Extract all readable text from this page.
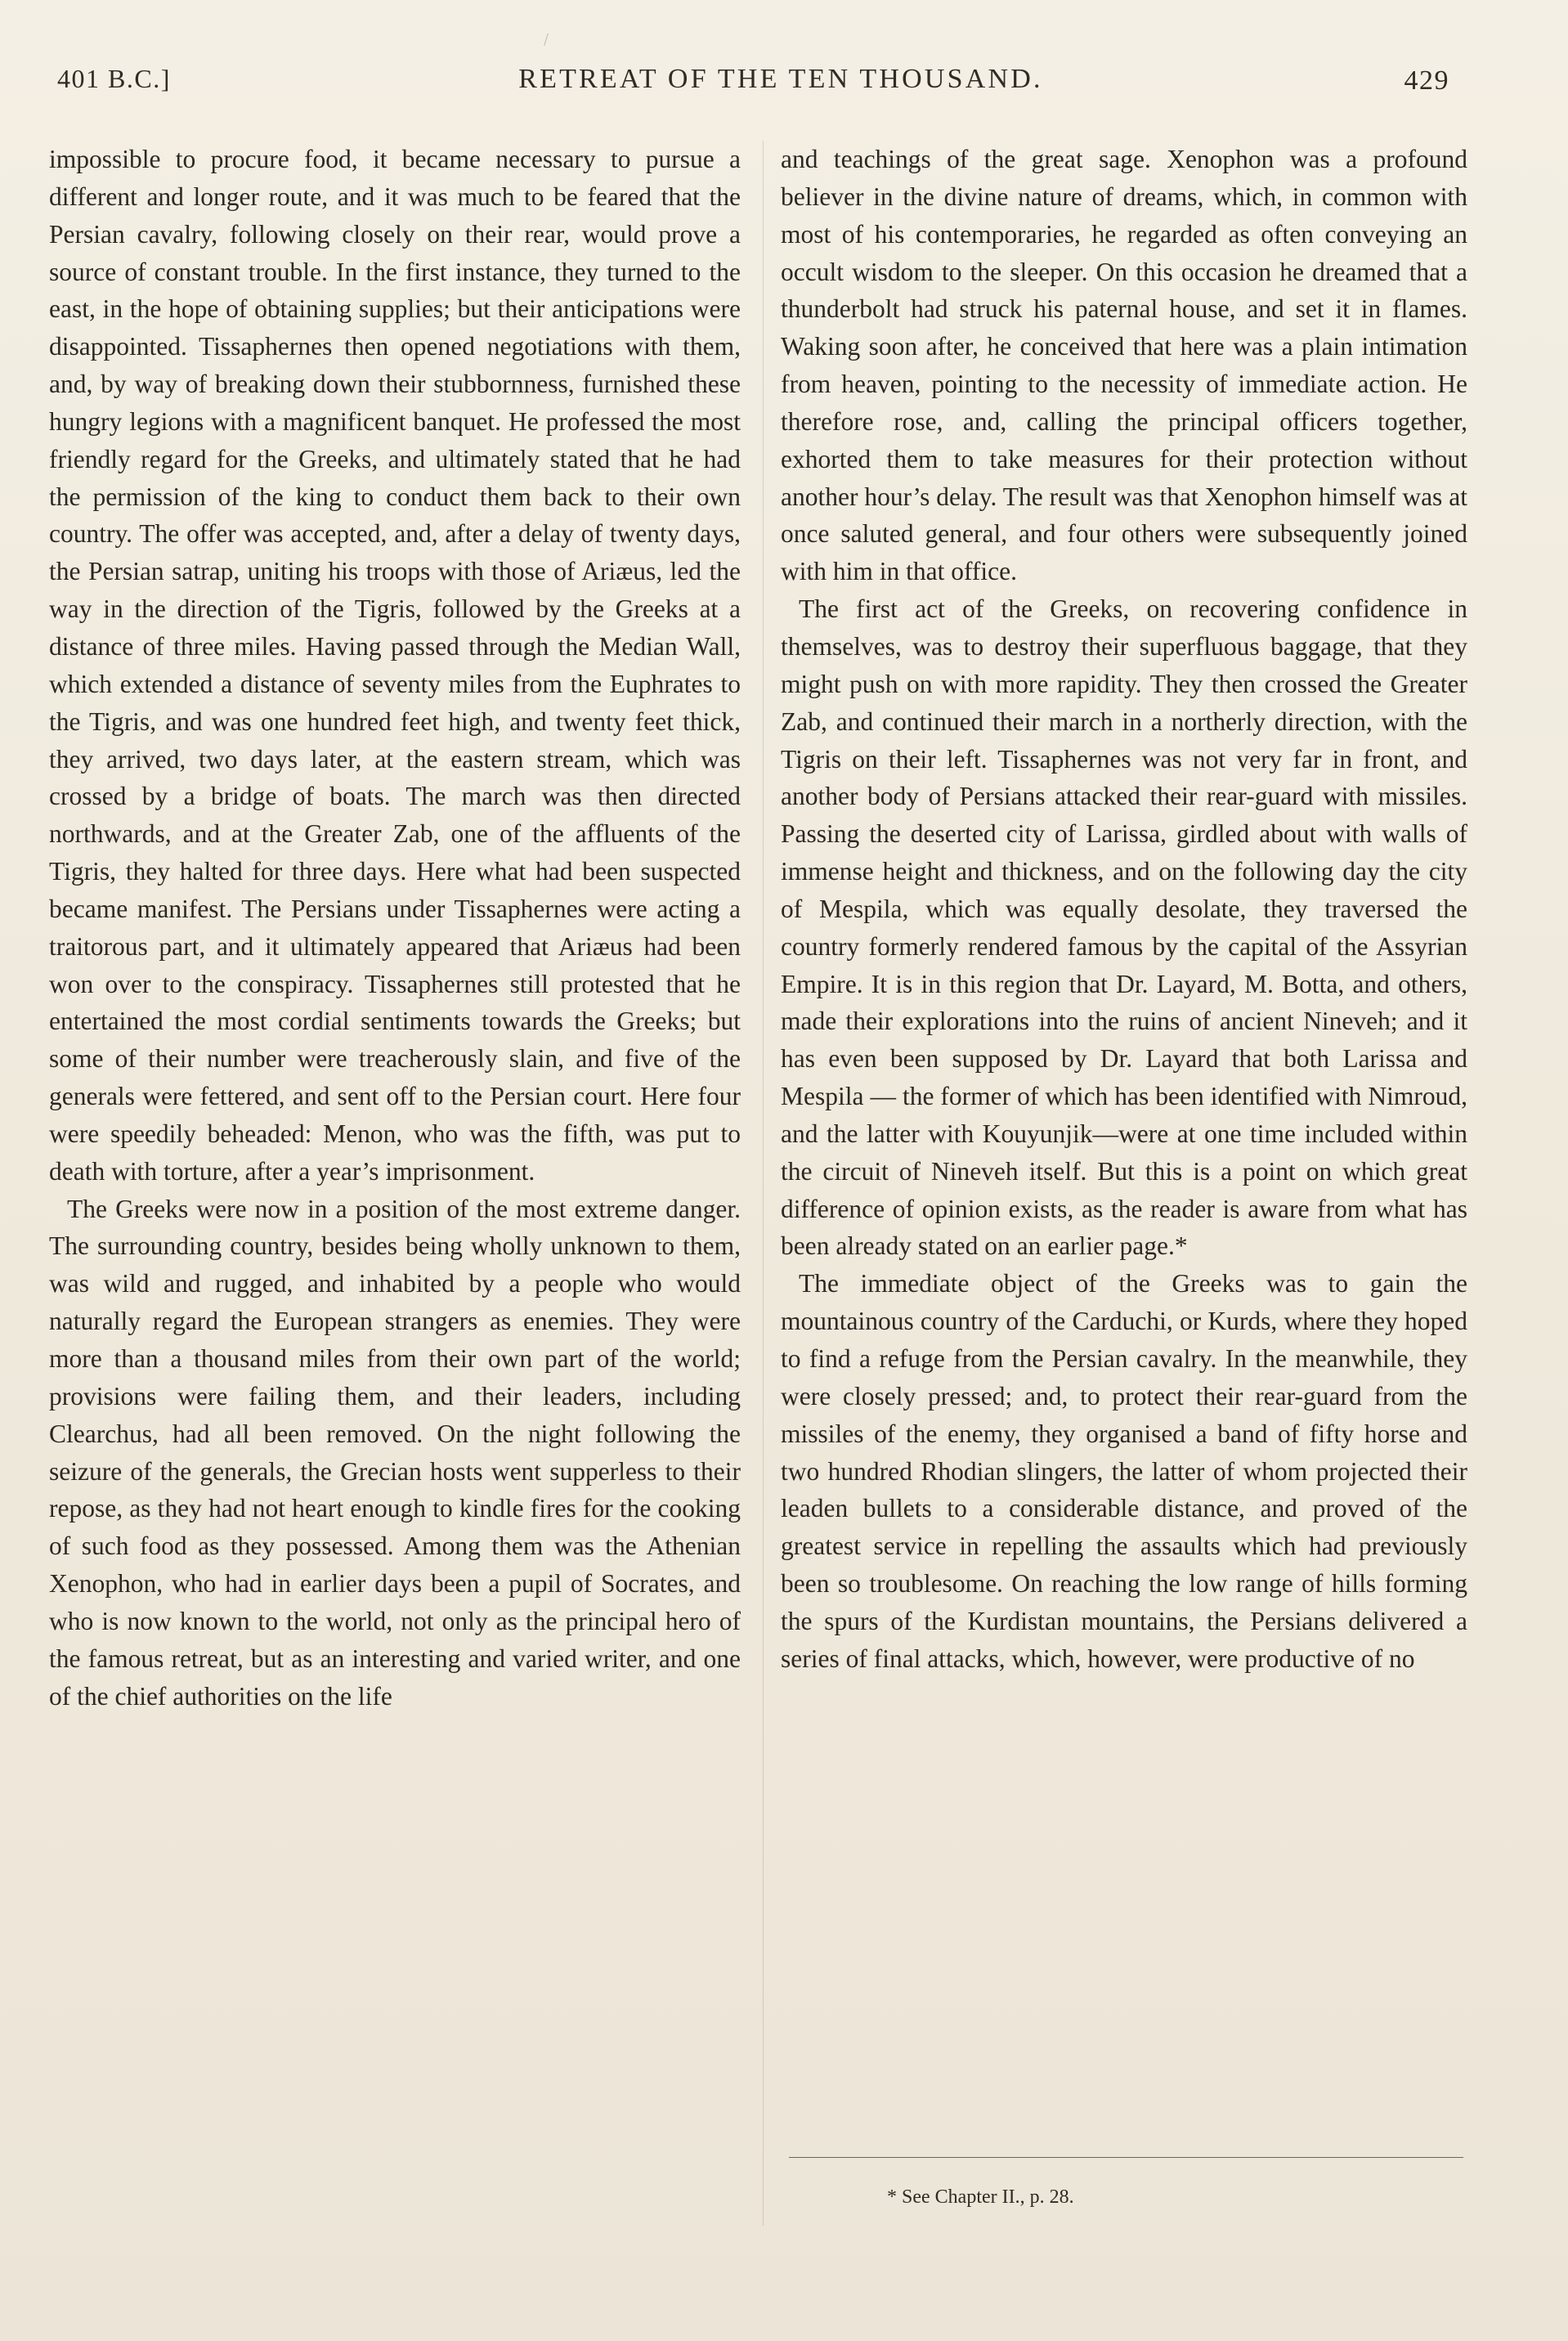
/
401 B.C.]	RETREAT OF THE TEN THOUSAND.	429

impossible to procure food, it became necessary to pursue a different and longer route, and it was much to be feared that the Persian cavalry, following closely on their rear, would prove a source of constant trouble. In the first instance, they turned to the east, in the hope of obtaining supplies; but their anticipations were disappointed. Tissaphernes then opened negotiations with them, and, by way of breaking down their stubbornness, furnished these hungry legions with a magnificent banquet. He professed the most friendly regard for the Greeks, and ultimately stated that he had the permission of the king to conduct them back to their own country. The offer was accepted, and, after a delay of twenty days, the Persian satrap, uniting his troops with those of Ariæus, led the way in the direction of the Tigris, followed by the Greeks at a distance of three miles. Having passed through the Median Wall, which extended a distance of seventy miles from the Euphrates to the Tigris, and was one hundred feet high, and twenty feet thick, they arrived, two days later, at the eastern stream, which was crossed by a bridge of boats. The march was then directed northwards, and at the Greater Zab, one of the affluents of the Tigris, they halted for three days. Here what had been suspected became manifest. The Persians under Tissaphernes were acting a traitorous part, and it ultimately appeared that Ariæus had been won over to the conspiracy. Tissaphernes still protested that he entertained the most cordial sentiments towards the Greeks; but some of their number were treacherously slain, and five of the generals were fettered, and sent off to the Persian court. Here four were speedily beheaded: Menon, who was the fifth, was put to death with torture, after a year’s imprisonment.

The Greeks were now in a position of the most extreme danger. The surrounding country, besides being wholly unknown to them, was wild and rugged, and inhabited by a people who would naturally regard the European strangers as enemies. They were more than a thousand miles from their own part of the world; provisions were failing them, and their leaders, including Clearchus, had all been removed. On the night following the seizure of the generals, the Grecian hosts went supperless to their repose, as they had not heart enough to kindle fires for the cooking of such food as they possessed. Among them was the Athenian Xenophon, who had in earlier days been a pupil of Socrates, and who is now known to the world, not only as the principal hero of the famous retreat, but as an interesting and varied writer, and one of the chief authorities on the life

and teachings of the great sage. Xenophon was a profound believer in the divine nature of dreams, which, in common with most of his contemporaries, he regarded as often conveying an occult wisdom to the sleeper. On this occasion he dreamed that a thunderbolt had struck his paternal house, and set it in flames. Waking soon after, he conceived that here was a plain intimation from heaven, pointing to the necessity of immediate action. He therefore rose, and, calling the principal officers together, exhorted them to take measures for their protection without another hour’s delay. The result was that Xenophon himself was at once saluted general, and four others were subsequently joined with him in that office.

The first act of the Greeks, on recovering confidence in themselves, was to destroy their superfluous baggage, that they might push on with more rapidity. They then crossed the Greater Zab, and continued their march in a northerly direction, with the Tigris on their left. Tissaphernes was not very far in front, and another body of Persians attacked their rear-guard with missiles. Passing the deserted city of Larissa, girdled about with walls of immense height and thickness, and on the following day the city of Mespila, which was equally desolate, they traversed the country formerly rendered famous by the capital of the Assyrian Empire. It is in this region that Dr. Layard, M. Botta, and others, made their explorations into the ruins of ancient Nineveh; and it has even been supposed by Dr. Layard that both Larissa and Mespila — the former of which has been identified with Nimroud, and the latter with Kouyunjik—were at one time included within the circuit of Nineveh itself. But this is a point on which great difference of opinion exists, as the reader is aware from what has been already stated on an earlier page.*

The immediate object of the Greeks was to gain the mountainous country of the Carduchi, or Kurds, where they hoped to find a refuge from the Persian cavalry. In the meanwhile, they were closely pressed; and, to protect their rear-guard from the missiles of the enemy, they organised a band of fifty horse and two hundred Rhodian slingers, the latter of whom projected their leaden bullets to a considerable distance, and proved of the greatest service in repelling the assaults which had previously been so troublesome. On reaching the low range of hills forming the spurs of the Kurdistan mountains, the Persians delivered a series of final attacks, which, however, were productive of no

* See Chapter II., p. 28.
